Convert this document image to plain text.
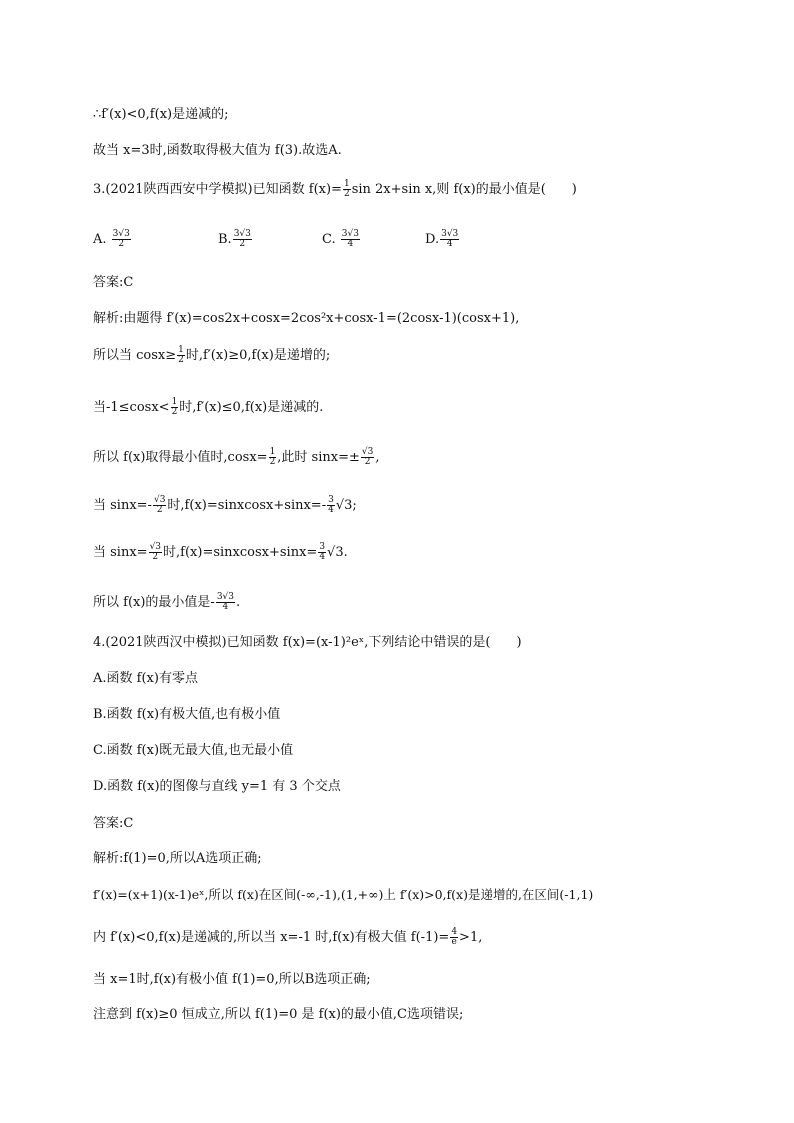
∴f′(x)<0,f(x)是递减的;
故当 x=3时,函数取得极大值为 f(3).故选A.
3.(2021陕西西安中学模拟)已知函数 $f(x)= \frac{1}{2}$ sin 2x+sin x,则 f(x)的最小值是(　　)
A. $\frac{3√3}{2}$	B. $\frac{3√3}{2}$	C. $\frac{3√3}{4}$	D. $\frac{3√3}{4}$
答案:C
解析:由题得 f′(x)=cos2x+cosx=2cos²x+cosx-1=(2cosx-1)(cosx+1),
所以当 $\cos x\ge \frac{1}{2}$ 时,f′(x)≥0,f(x)是递增的;
当$-1\le\cos x< \frac{1}{2}$ 时,f′(x)≤0,f(x)是递减的.
所以 f(x)取得最小值时$,\cos x= \frac{1}{2}$ ,此时 $\sin x=\pm \frac{√3}{2}$ ,
当 $\sin x=- \frac{√3}{2}$ 时,f(x)=sinxcosx+sinx=- $\frac{3}{4} √3$;
当 $\sin x= \frac{√3}{2}$ 时,f(x)=sinxcosx+sinx= $\frac{3}{4} √3$.
所以 f(x)的最小值是- $\frac{3√3}{4}$ .
4.(2021陕西汉中模拟)已知函数 f(x)=(x-1)²eˣ,下列结论中错误的是(　　)
A.函数 f(x)有零点
B.函数 f(x)有极大值,也有极小值
C.函数 f(x)既无最大值,也无最小值
D.函数 f(x)的图像与直线 y=1 有 3 个交点
答案:C
解析:f(1)=0,所以A选项正确;
f′(x)=(x+1)(x-1)eˣ,所以 f(x)在区间(-∞,-1),(1,+∞)上 f′(x)>0,f(x)是递增的,在区间(-1,1)
内 f′(x)<0,f(x)是递减的,所以当 x=-1 时,f(x)有极大值 $f(-1)= \frac{4}{e} >1$,
当 x=1时,f(x)有极小值 f(1)=0,所以B选项正确;
注意到 f(x)≥0 恒成立,所以 f(1)=0 是 f(x)的最小值,C选项错误;
